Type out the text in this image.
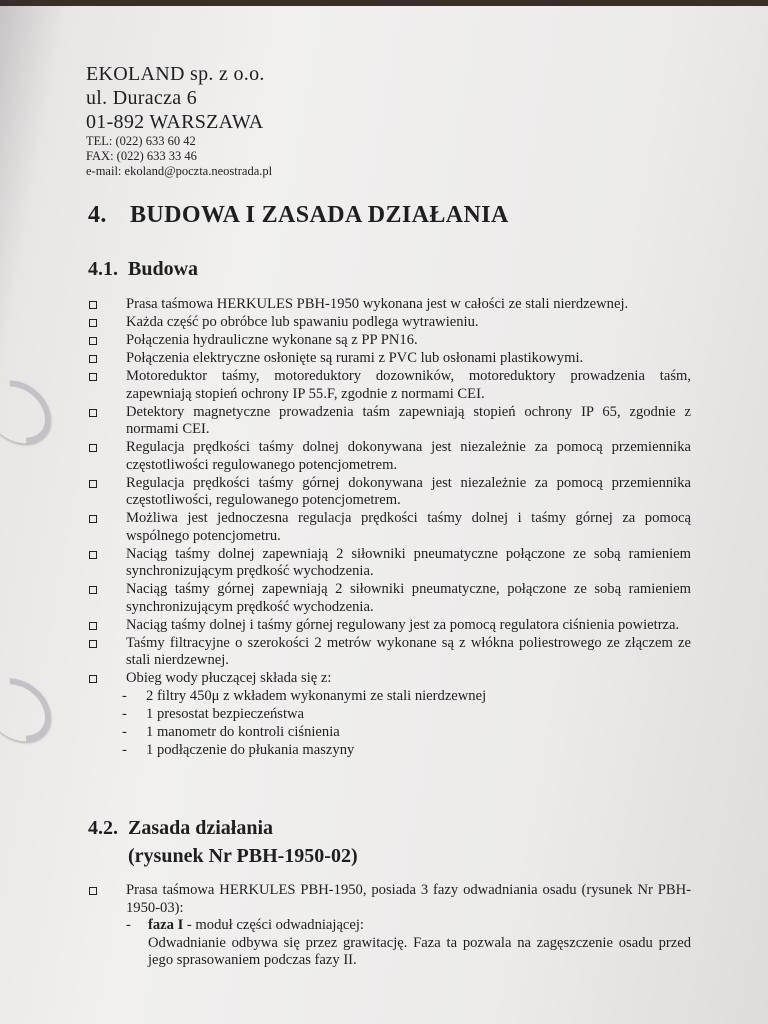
EKOLAND sp. z o.o.
ul. Duracza 6
01-892 WARSZAWA
TEL: (022) 633 60 42
FAX: (022) 633 33 46
e-mail: ekoland@poczta.neostrada.pl
4. BUDOWA I ZASADA DZIAŁANIA
4.1. Budowa
Prasa taśmowa HERKULES PBH-1950 wykonana jest w całości ze stali nierdzewnej.
Każda część po obróbce lub spawaniu podlega wytrawieniu.
Połączenia hydrauliczne wykonane są z PP PN16.
Połączenia elektryczne osłonięte są rurami z PVC lub osłonami plastikowymi.
Motoreduktor taśmy, motoreduktory dozowników, motoreduktory prowadzenia taśm, zapewniają stopień ochrony IP 55.F, zgodnie z normami CEI.
Detektory magnetyczne prowadzenia taśm zapewniają stopień ochrony IP 65, zgodnie z normami CEI.
Regulacja prędkości taśmy dolnej dokonywana jest niezależnie za pomocą przemiennika częstotliwości regulowanego potencjometrem.
Regulacja prędkości taśmy górnej dokonywana jest niezależnie za pomocą przemiennika częstotliwości, regulowanego potencjometrem.
Możliwa jest jednoczesna regulacja prędkości taśmy dolnej i taśmy górnej za pomocą wspólnego potencjometru.
Naciąg taśmy dolnej zapewniają 2 siłowniki pneumatyczne połączone ze sobą ramieniem synchronizującym prędkość wychodzenia.
Naciąg taśmy górnej zapewniają 2 siłowniki pneumatyczne, połączone ze sobą ramieniem synchronizującym prędkość wychodzenia.
Naciąg taśmy dolnej i taśmy górnej regulowany jest za pomocą regulatora ciśnienia powietrza.
Taśmy filtracyjne o szerokości 2 metrów wykonane są z włókna poliestrowego ze złączem ze stali nierdzewnej.
Obieg wody płuczącej składa się z:
- 2 filtry 450μ z wkładem wykonanymi ze stali nierdzewnej
- 1 presostat bezpieczeństwa
- 1 manometr do kontroli ciśnienia
- 1 podłączenie do płukania maszyny
4.2. Zasada działania
(rysunek Nr PBH-1950-02)
Prasa taśmowa HERKULES PBH-1950, posiada 3 fazy odwadniania osadu (rysunek Nr PBH-1950-03):
- faza I - moduł części odwadniającej:
Odwadnianie odbywa się przez grawitację. Faza ta pozwala na zagęszczenie osadu przed jego sprasowaniem podczas fazy II.
